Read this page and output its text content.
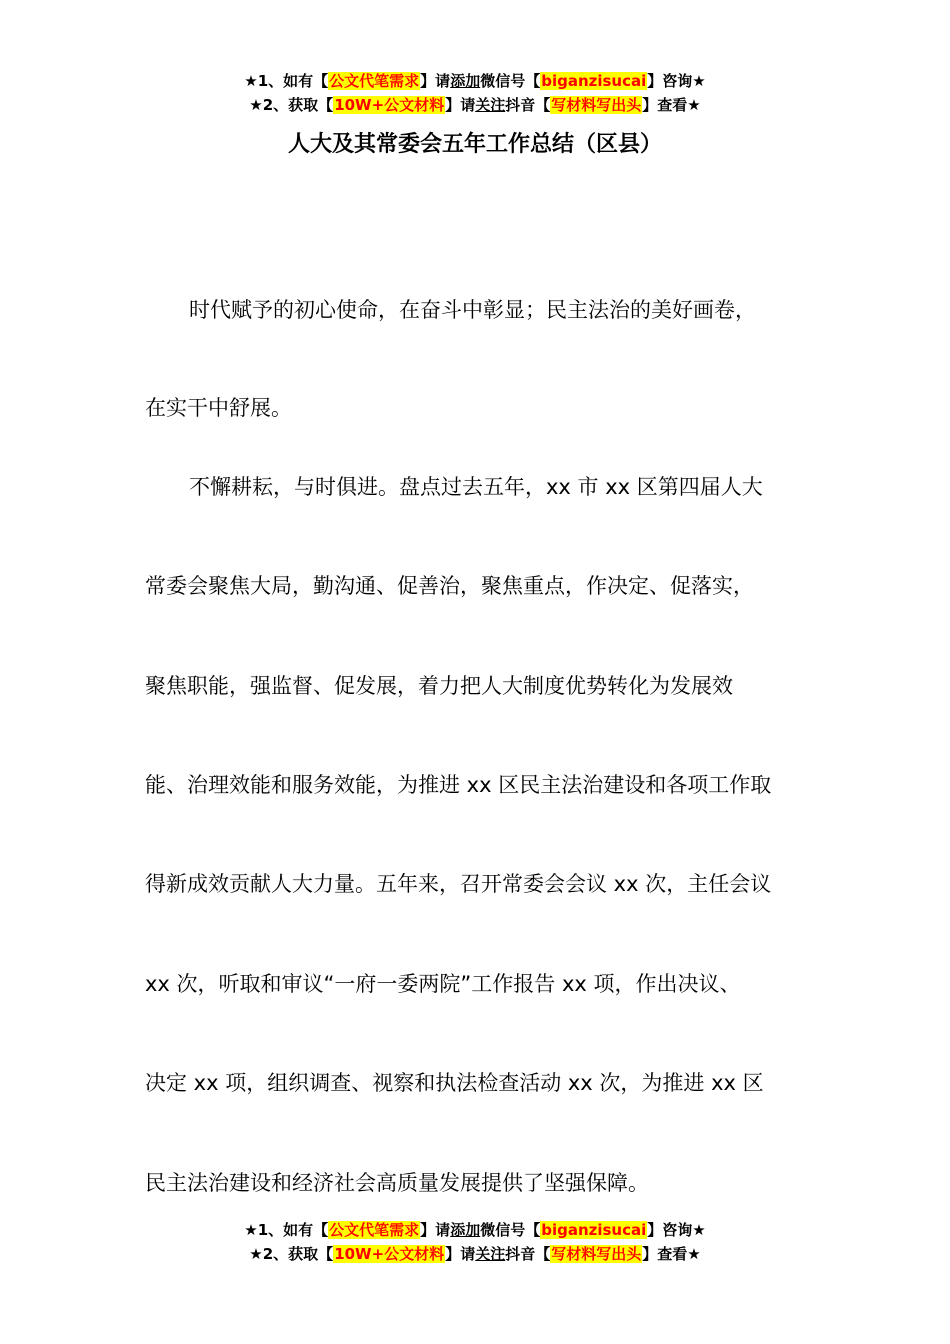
★1、如有【公文代笔需求】请添加微信号【biganzisucai】咨询★
★2、获取【10W+公文材料】请关注抖音【写材料写出头】查看★
人大及其常委会五年工作总结（区县）
时代赋予的初心使命，在奋斗中彰显；民主法治的美好画卷，
在实干中舒展。
不懈耕耘，与时俱进。盘点过去五年，xx 市 xx 区第四届人大
常委会聚焦大局，勤沟通、促善治，聚焦重点，作决定、促落实，
聚焦职能，强监督、促发展，着力把人大制度优势转化为发展效
能、治理效能和服务效能，为推进 xx 区民主法治建设和各项工作取
得新成效贡献人大力量。五年来，召开常委会会议 xx 次，主任会议
xx 次，听取和审议“一府一委两院”工作报告 xx 项，作出决议、
决定 xx 项，组织调查、视察和执法检查活动 xx 次，为推进 xx 区
民主法治建设和经济社会高质量发展提供了坚强保障。
★1、如有【公文代笔需求】请添加微信号【biganzisucai】咨询★
★2、获取【10W+公文材料】请关注抖音【写材料写出头】查看★
